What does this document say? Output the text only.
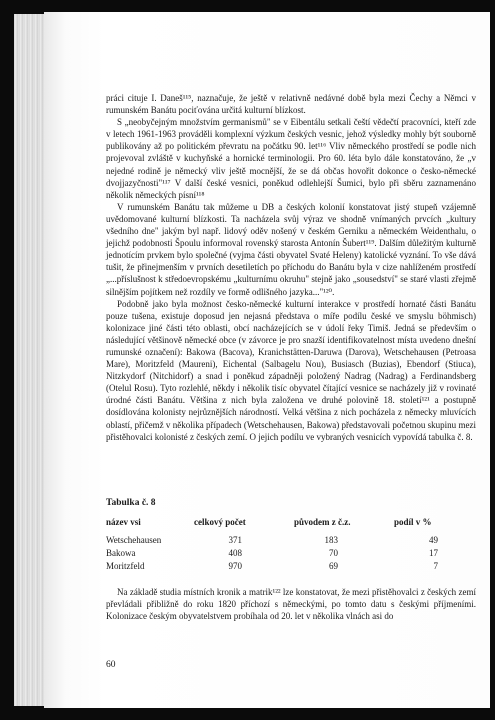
práci cituje I. Daneš¹¹⁵, naznačuje, že ještě v relativně nedávné době byla mezi Čechy a Němci v rumunském Banátu pociťována určitá kulturní blízkost.

S „neobyčejným množstvím germanismů" se v Eibentálu setkali čeští vědečtí pracovníci, kteří zde v letech 1961-1963 prováděli komplexní výzkum českých vesnic, jehož výsledky mohly být souborně publikovány až po politickém převratu na počátku 90. let¹¹⁶ Vliv německého prostředí se podle nich projevoval zvláště v kuchyňské a hornické terminologii. Pro 60. léta bylo dále konstatováno, že „v nejedné rodině je německý vliv ještě mocnější, že se dá občas hovořit dokonce o česko-německé dvojjazyčnosti"¹¹⁷ V další české vesnici, poněkud odlehlejší Šumici, bylo při sběru zaznamenáno několik německých písní¹¹⁸

V rumunském Banátu tak můžeme u DB a českých kolonií konstatovat jistý stupeň vzájemně uvědomované kulturní blízkosti. Ta nacházela svůj výraz ve shodně vnímaných prvcích „kultury všedního dne" jakým byl např. lidový oděv nošený v českém Gerniku a německém Weidenthalu, o jejichž podobnosti Špoulu informoval rovenský starosta Antonín Šubert¹¹⁹. Dalším důležitým kulturně jednotícím prvkem bylo společné (vyjma části obyvatel Svaté Heleny) katolické vyznání. To vše dává tušit, že přinejmenším v prvních desetiletích po příchodu do Banátu byla v cize nahlíženém prostředí „...příslušnost k středoevropskému „kulturnímu okruhu" stejně jako „sousedství" se staré vlasti zřejmě silnějším pojítkem než rozdíly ve formě odlišného jazyka..."¹²⁰.

Podobně jako byla možnost česko-německé kulturní interakce v prostředí hornaté části Banátu pouze tušena, existuje doposud jen nejasná představa o míře podílu české ve smyslu böhmisch) kolonizace jiné části této oblasti, obcí nacházejících se v údolí řeky Timiš. Jedná se především o následující většinově německé obce (v závorce je pro snazší identifikovatelnost místa uvedeno dnešní rumunské označení): Bakowa (Bacova), Kranichstätten-Daruwa (Darova), Wetschehausen (Petroasa Mare), Moritzfeld (Maureni), Eichental (Salbagelu Nou), Busiasch (Buzias), Ebendorf (Stiuca), Nitzkydorf (Nitchidorf) a snad i poněkud západněji položený Nadrag (Nadrag) a Ferdinandsberg (Otelul Rosu). Tyto rozlehlé, někdy i několik tisíc obyvatel čítající vesnice se nacházely již v rovinaté úrodné části Banátu. Většina z nich byla založena ve druhé polovině 18. století¹²¹ a postupně dosídlována kolonisty nejrůznějších národností. Velká většina z nich pocházela z německy mluvících oblastí, přičemž v několika případech (Wetschehausen, Bakowa) představovali početnou skupinu mezi přistěhovalci kolonisté z českých zemí. O jejich podílu ve vybraných vesnicích vypovídá tabulka č. 8.

Tabulka č. 8
název vsi	celkový počet	původem z č.z.	podíl v %
Wetschehausen	371	183	49
Bakowa	408	70	17
Moritzfeld	970	69	7

Na základě studia místních kronik a matrik¹²² lze konstatovat, že mezi přistěhovalci z českých zemí převládali přibližně do roku 1820 příchozí s německými, po tomto datu s českými příjmeními. Kolonizace českým obyvatelstvem probíhala od 20. let v několika vlnách asi do

60
